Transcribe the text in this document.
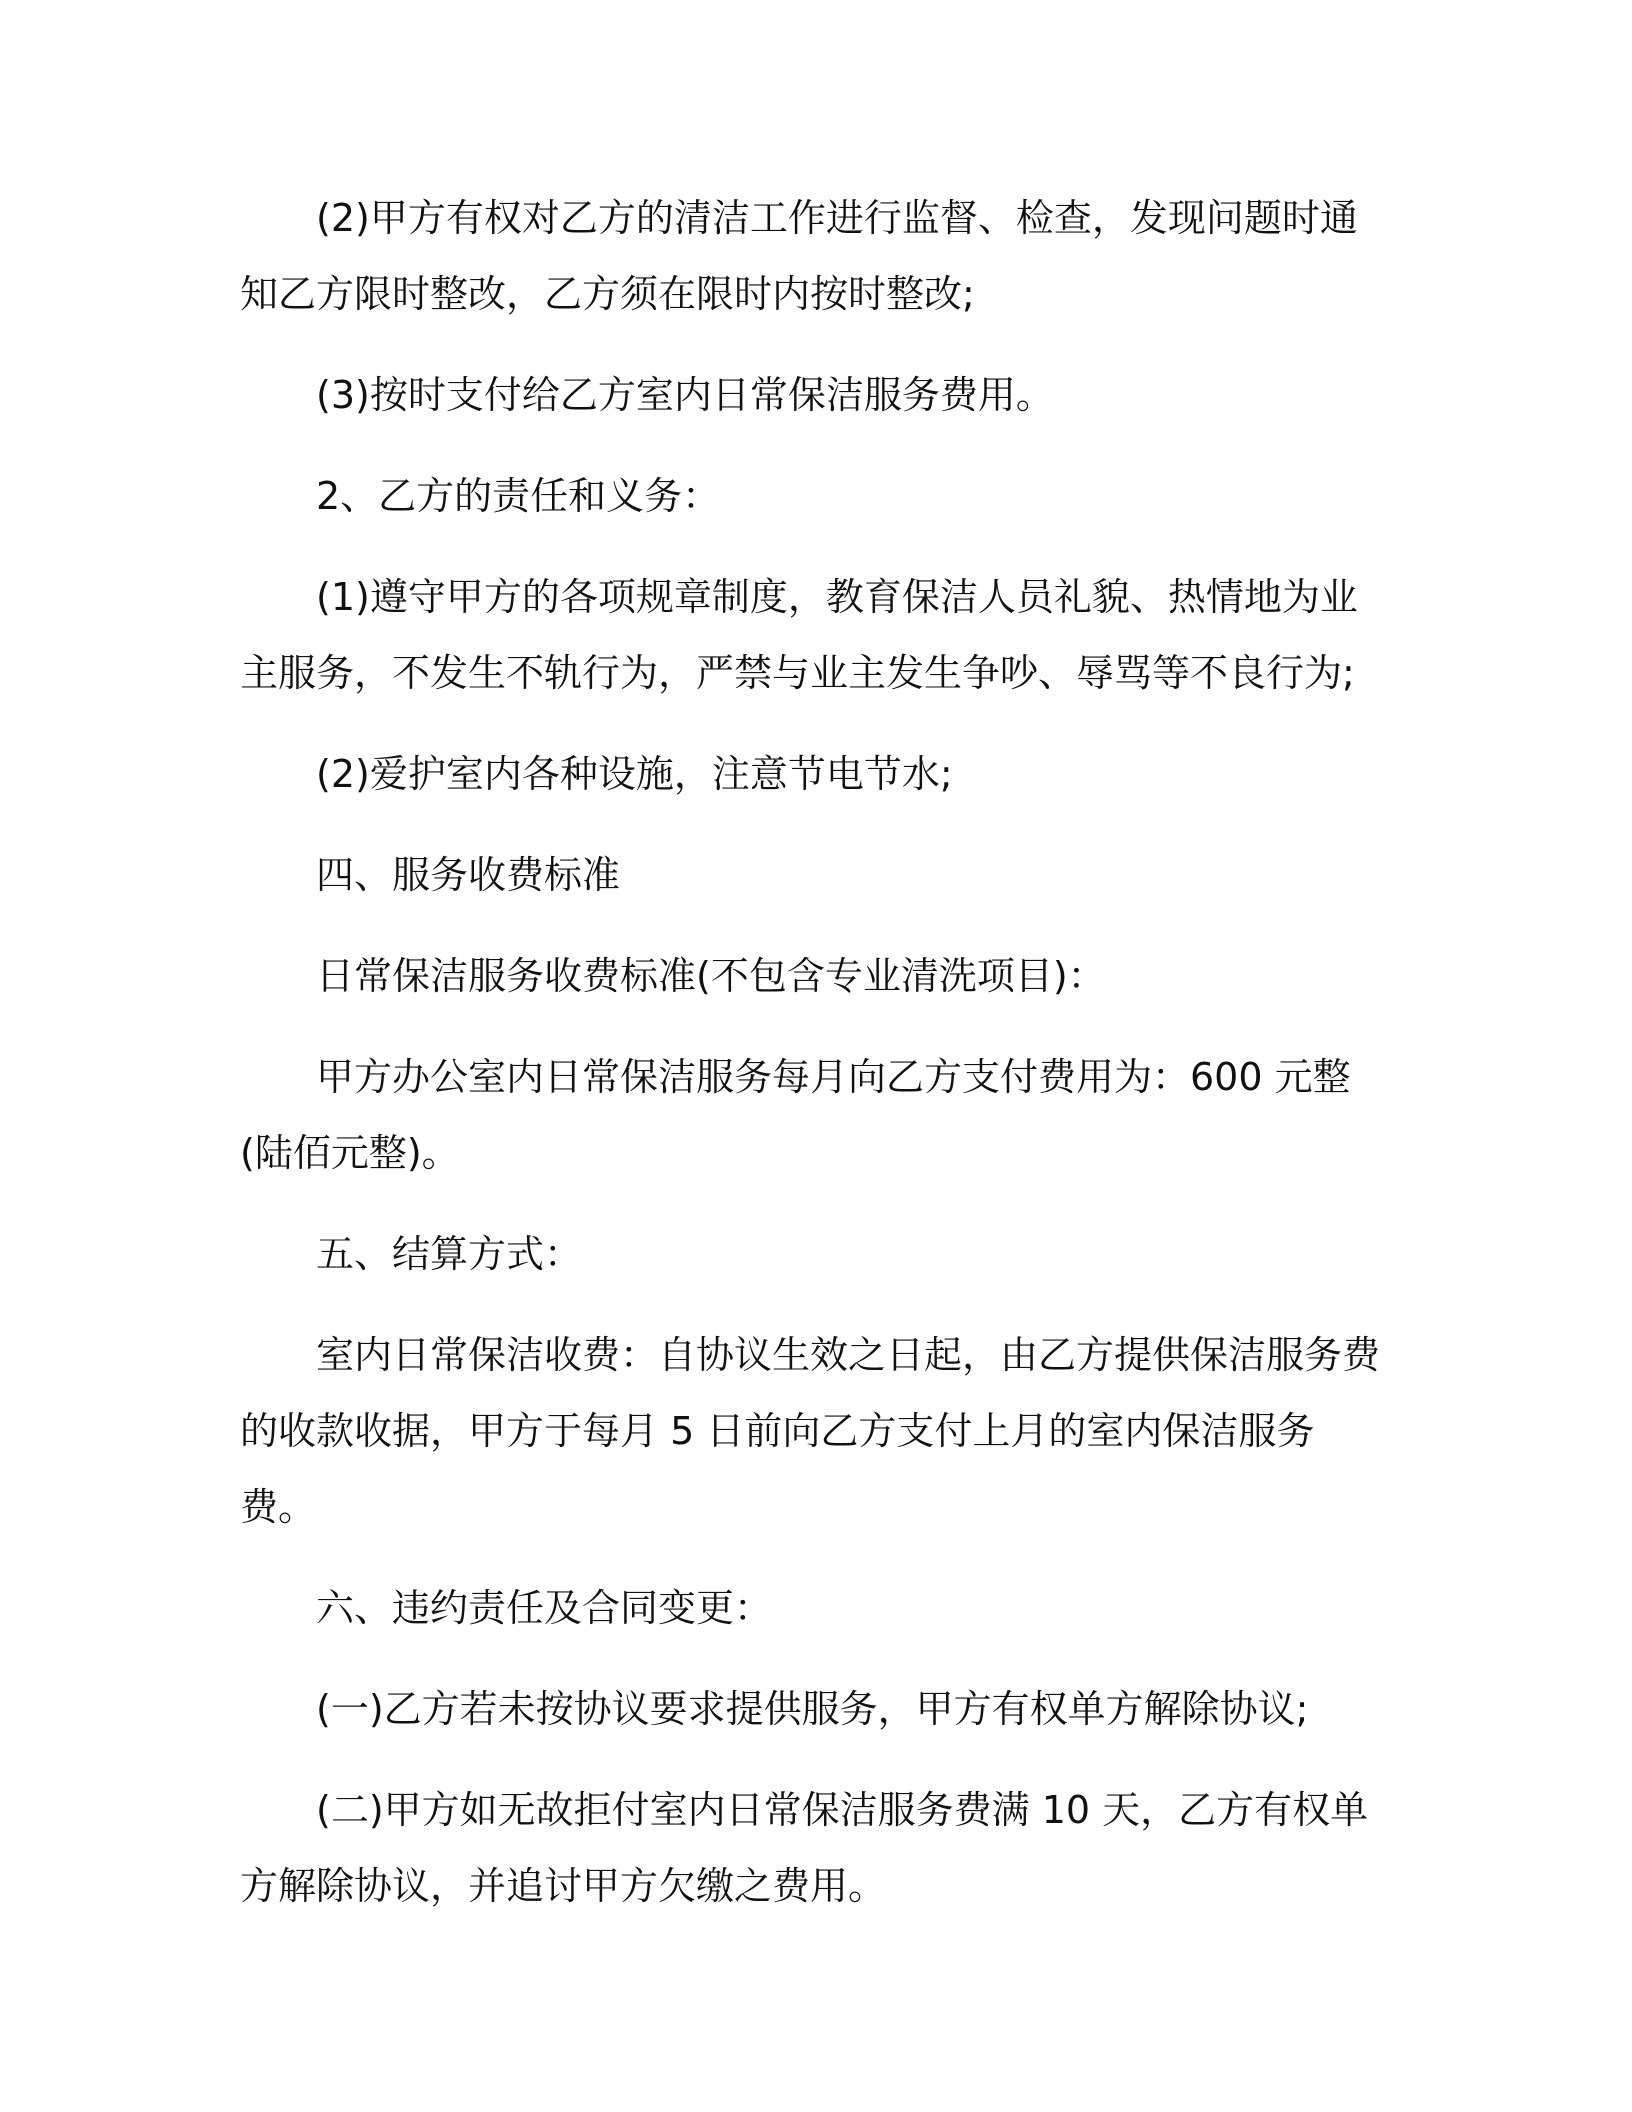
(2)甲方有权对乙方的清洁工作进行监督、检查，发现问题时通知乙方限时整改，乙方须在限时内按时整改;

(3)按时支付给乙方室内日常保洁服务费用。

2、乙方的责任和义务：

(1)遵守甲方的各项规章制度，教育保洁人员礼貌、热情地为业主服务，不发生不轨行为，严禁与业主发生争吵、辱骂等不良行为;

(2)爱护室内各种设施，注意节电节水;

四、服务收费标准

日常保洁服务收费标准(不包含专业清洗项目)：

甲方办公室内日常保洁服务每月向乙方支付费用为：600 元整(陆佰元整)。

五、结算方式：

室内日常保洁收费：自协议生效之日起，由乙方提供保洁服务费的收款收据，甲方于每月 5 日前向乙方支付上月的室内保洁服务费。

六、违约责任及合同变更：

(一)乙方若未按协议要求提供服务，甲方有权单方解除协议;

(二)甲方如无故拒付室内日常保洁服务费满 10 天，乙方有权单方解除协议，并追讨甲方欠缴之费用。
